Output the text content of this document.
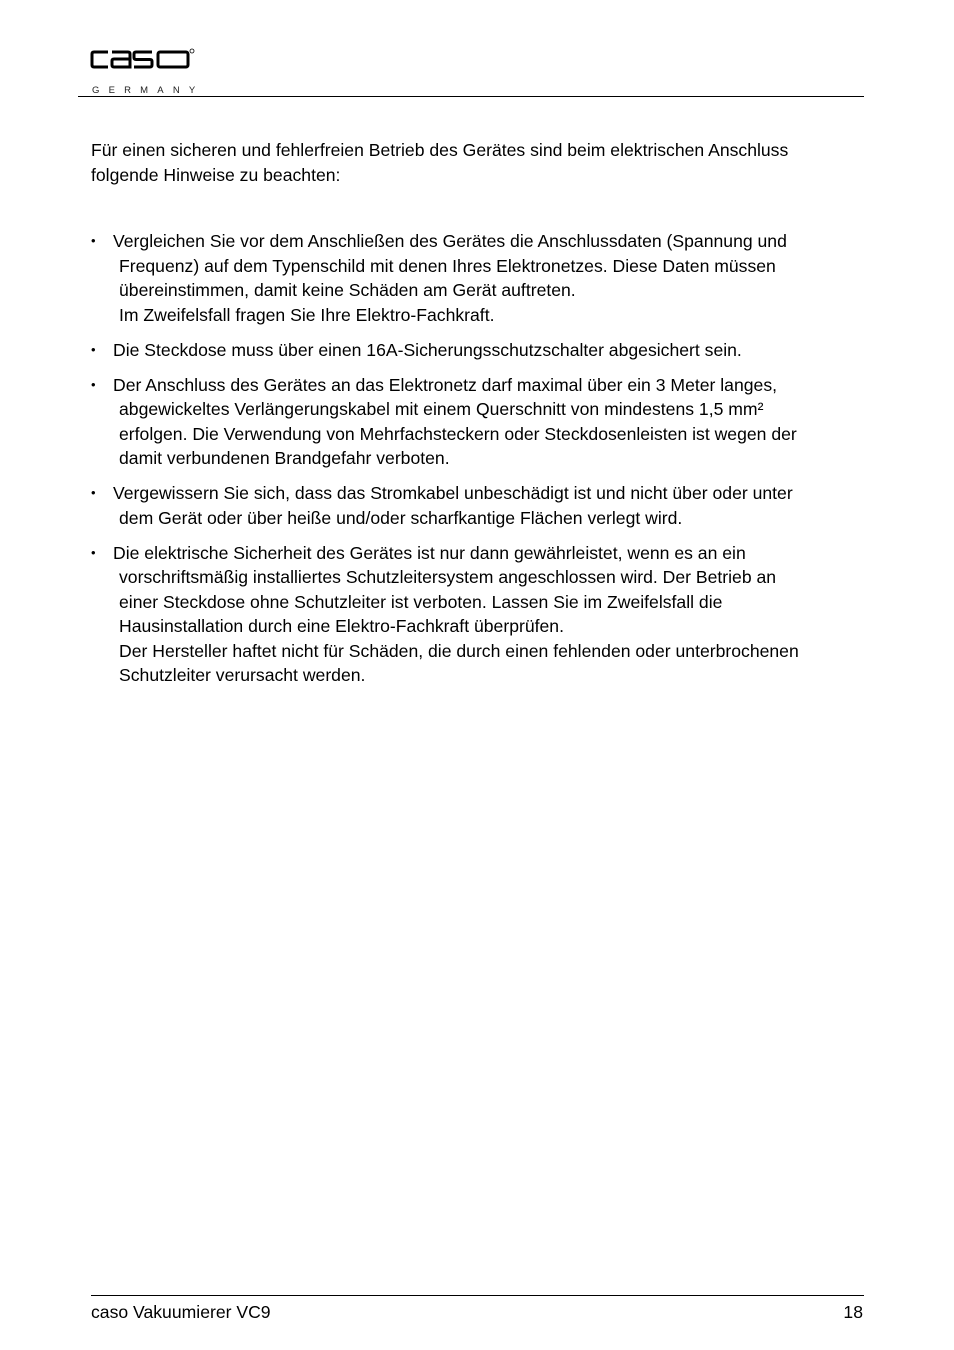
GERMANY
Für einen sicheren und fehlerfreien Betrieb des Gerätes sind beim elektrischen Anschluss
folgende Hinweise zu beachten:
• Vergleichen Sie vor dem Anschließen des Gerätes die Anschlussdaten (Spannung und
Frequenz) auf dem Typenschild mit denen Ihres Elektronetzes. Diese Daten müssen
übereinstimmen, damit keine Schäden am Gerät auftreten.
Im Zweifelsfall fragen Sie Ihre Elektro-Fachkraft.
• Die Steckdose muss über einen 16A-Sicherungsschutzschalter abgesichert sein.
• Der Anschluss des Gerätes an das Elektronetz darf maximal über ein 3 Meter langes,
abgewickeltes Verlängerungskabel mit einem Querschnitt von mindestens 1,5 mm²
erfolgen. Die Verwendung von Mehrfachsteckern oder Steckdosenleisten ist wegen der
damit verbundenen Brandgefahr verboten.
• Vergewissern Sie sich, dass das Stromkabel unbeschädigt ist und nicht über oder unter
dem Gerät oder über heiße und/oder scharfkantige Flächen verlegt wird.
• Die elektrische Sicherheit des Gerätes ist nur dann gewährleistet, wenn es an ein
vorschriftsmäßig installiertes Schutzleitersystem angeschlossen wird. Der Betrieb an
einer Steckdose ohne Schutzleiter ist verboten. Lassen Sie im Zweifelsfall die
Hausinstallation durch eine Elektro-Fachkraft überprüfen.
Der Hersteller haftet nicht für Schäden, die durch einen fehlenden oder unterbrochenen
Schutzleiter verursacht werden.
caso Vakuumierer VC9	18
